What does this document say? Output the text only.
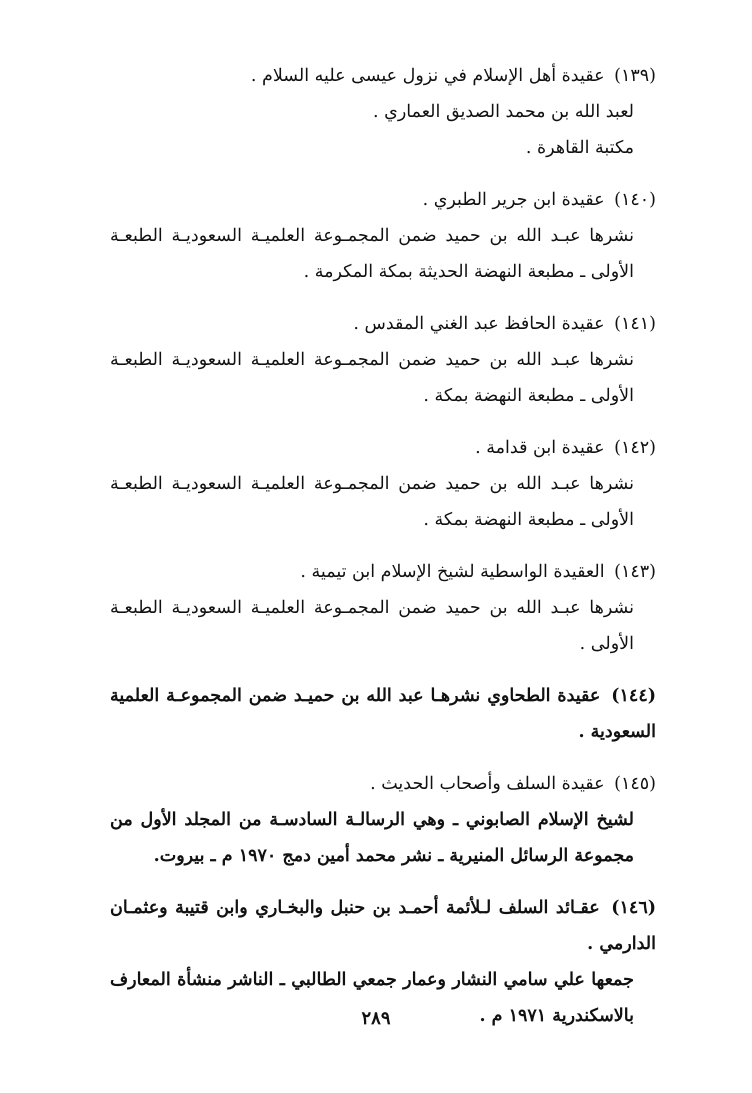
(١٣٩) عقيدة أهل الإسلام في نزول عيسى عليه السلام .
لعبد الله بن محمد الصديق العماري .
مكتبة القاهرة .
(١٤٠) عقيدة ابن جرير الطبري .
نشرها عبـد الله بن حميد ضمن المجمـوعة العلميـة السعوديـة الطبعـة الأولى ـ مطبعة النهضة الحديثة بمكة المكرمة .
(١٤١) عقيدة الحافظ عبد الغني المقدس .
نشرها عبـد الله بن حميد ضمن المجمـوعة العلميـة السعوديـة الطبعـة الأولى ـ مطبعة النهضة بمكة .
(١٤٢) عقيدة ابن قدامة .
نشرها عبـد الله بن حميد ضمن المجمـوعة العلميـة السعوديـة الطبعـة الأولى ـ مطبعة النهضة بمكة .
(١٤٣) العقيدة الواسطية لشيخ الإسلام ابن تيمية .
نشرها عبـد الله بن حميد ضمن المجمـوعة العلميـة السعوديـة الطبعـة الأولى .
(١٤٤) عقيدة الطحاوي نشرهـا عبد الله بن حميـد ضمن المجموعـة العلمية السعودية .
(١٤٥) عقيدة السلف وأصحاب الحديث .
لشيخ الإسلام الصابوني ـ وهي الرسالـة السادسـة من المجلد الأول من مجموعة الرسائل المنيرية ـ نشر محمد أمين دمج ١٩٧٠ م ـ بيروت.
(١٤٦) عقـائد السلف لـلأئمة أحمـد بن حنبل والبخـاري وابن قتيبة وعثمـان الدارمي .
جمعها علي سامي النشار وعمار جمعي الطالبي ـ الناشر منشأة المعارف بالاسكندرية ١٩٧١ م .
٢٨٩
